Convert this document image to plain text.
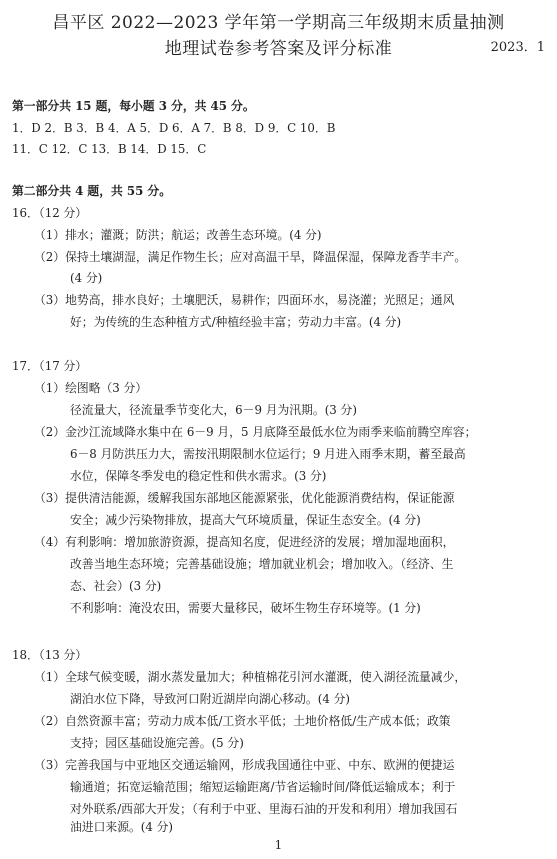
昌平区 2022—2023 学年第一学期高三年级期末质量抽测
地理试卷参考答案及评分标准	2023．1
第一部分共 15 题，每小题 3 分，共 45 分。
1．D 2．B 3．B 4．A 5．D 6．A 7．B 8．D 9．C 10．B
11．C 12．C 13．B 14．D 15．C
第二部分共 4 题，共 55 分。
16．（12 分）
（1）排水；灌溉；防洪；航运；改善生态环境。(4 分)
（2）保持土壤湖湿，满足作物生长；应对高温干旱，降温保湿，保障龙香芋丰产。
(4 分)
（3）地势高，排水良好；土壤肥沃，易耕作；四面环水，易浇灌；光照足；通风
好；为传统的生态种植方式/种植经验丰富；劳动力丰富。(4 分)
17．（17 分）
（1）绘图略（3 分）
径流量大，径流量季节变化大，6－9 月为汛期。(3 分)
（2）金沙江流域降水集中在 6－9 月，5 月底降至最低水位为雨季来临前腾空库容；
6－8 月防洪压力大，需按汛期限制水位运行；9 月进入雨季末期，蓄至最高
水位，保障冬季发电的稳定性和供水需求。(3 分)
（3）提供清洁能源，缓解我国东部地区能源紧张，优化能源消费结构，保证能源
安全；减少污染物排放，提高大气环境质量，保证生态安全。(4 分)
（4）有利影响：增加旅游资源，提高知名度，促进经济的发展；增加湿地面积，
改善当地生态环境；完善基础设施；增加就业机会；增加收入。（经济、生
态、社会）(3 分)
不利影响：淹没农田，需要大量移民，破坏生物生存环境等。(1 分)
18．（13 分）
（1）全球气候变暖，湖水蒸发量加大；种植棉花引河水灌溉，使入湖径流量减少，
湖泊水位下降，导致河口附近湖岸向湖心移动。(4 分)
（2）自然资源丰富；劳动力成本低/工资水平低；土地价格低/生产成本低；政策
支持；园区基础设施完善。(5 分)
（3）完善我国与中亚地区交通运输网，形成我国通往中亚、中东、欧洲的便捷运
输通道；拓宽运输范围；缩短运输距离/节省运输时间/降低运输成本；利于
对外联系/西部大开发；（有利于中亚、里海石油的开发和利用）增加我国石
油进口来源。(4 分)
1
